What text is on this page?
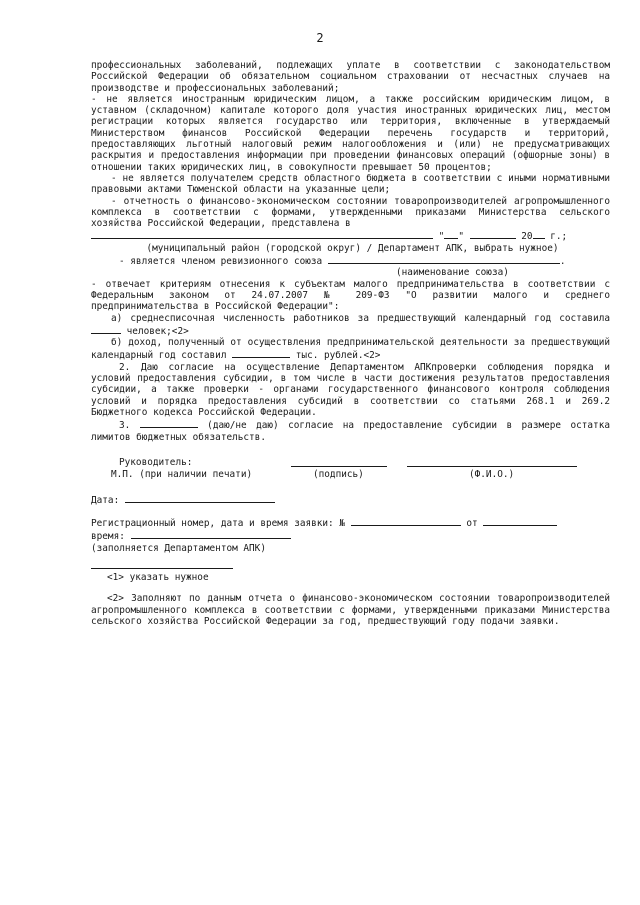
2

профессиональных заболеваний, подлежащих уплате в соответствии с законодательством Российской Федерации об обязательном социальном страховании от несчастных случаев на производстве и профессиональных заболеваний;

- не является иностранным юридическим лицом, а также российским юридическим лицом, в уставном (складочном) капитале которого доля участия иностранных юридических лиц, местом регистрации которых является государство или территория, включенные в утверждаемый Министерством финансов Российской Федерации перечень государств и территорий, предоставляющих льготный налоговый режим налогообложения и (или) не предусматривающих раскрытия и предоставления информации при проведении финансовых операций (офшорные зоны) в отношении таких юридических лиц, в совокупности превышает 50 процентов;

- не является получателем средств областного бюджета в соответствии с иными нормативными правовыми актами Тюменской области на указанные цели;

- отчетность о финансово-экономическом состоянии товаропроизводителей агропромышленного комплекса в соответствии с формами, утвержденными приказами Министерства сельского хозяйства Российской Федерации, представлена в

" "	20 г.;

(муниципальный район (городской округ) / Департамент АПК, выбрать нужное)

- является членом ревизионного союза	.

(наименование союза)

- отвечает критериям отнесения к субъектам малого предпринимательства в соответствии с Федеральным законом от 24.07.2007 № 209-ФЗ "О развитии малого и среднего предпринимательства в Российской Федерации":

а) среднесписочная численность работников за предшествующий календарный год составила  человек;<2>

б) доход, полученный от осуществления предпринимательской деятельности за предшествующий календарный год составил	тыс. рублей.<2>

2. Даю согласие на осуществление Департаментом АПКпроверки соблюдения порядка и условий предоставления субсидии, в том числе в части достижения результатов предоставления субсидии, а также проверки - органами государственного финансового контроля соблюдения условий и порядка предоставления субсидий в соответствии со статьями 268.1 и 269.2 Бюджетного кодекса Российской Федерации.

3.	(даю/не даю) согласие на предоставление субсидии в размере остатка лимитов бюджетных обязательств.

Руководитель:
М.П. (при наличии печати)	(подпись)	(Ф.И.О.)

Дата:

Регистрационный номер, дата и время заявки: №	от

время:

(заполняется Департаментом АПК)

<1> указать нужное

<2> Заполняют по данным отчета о финансово-экономическом состоянии товаропроизводителей агропромышленного комплекса в соответствии с формами, утвержденными приказами Министерства сельского хозяйства Российской Федерации за год, предшествующий году подачи заявки.
